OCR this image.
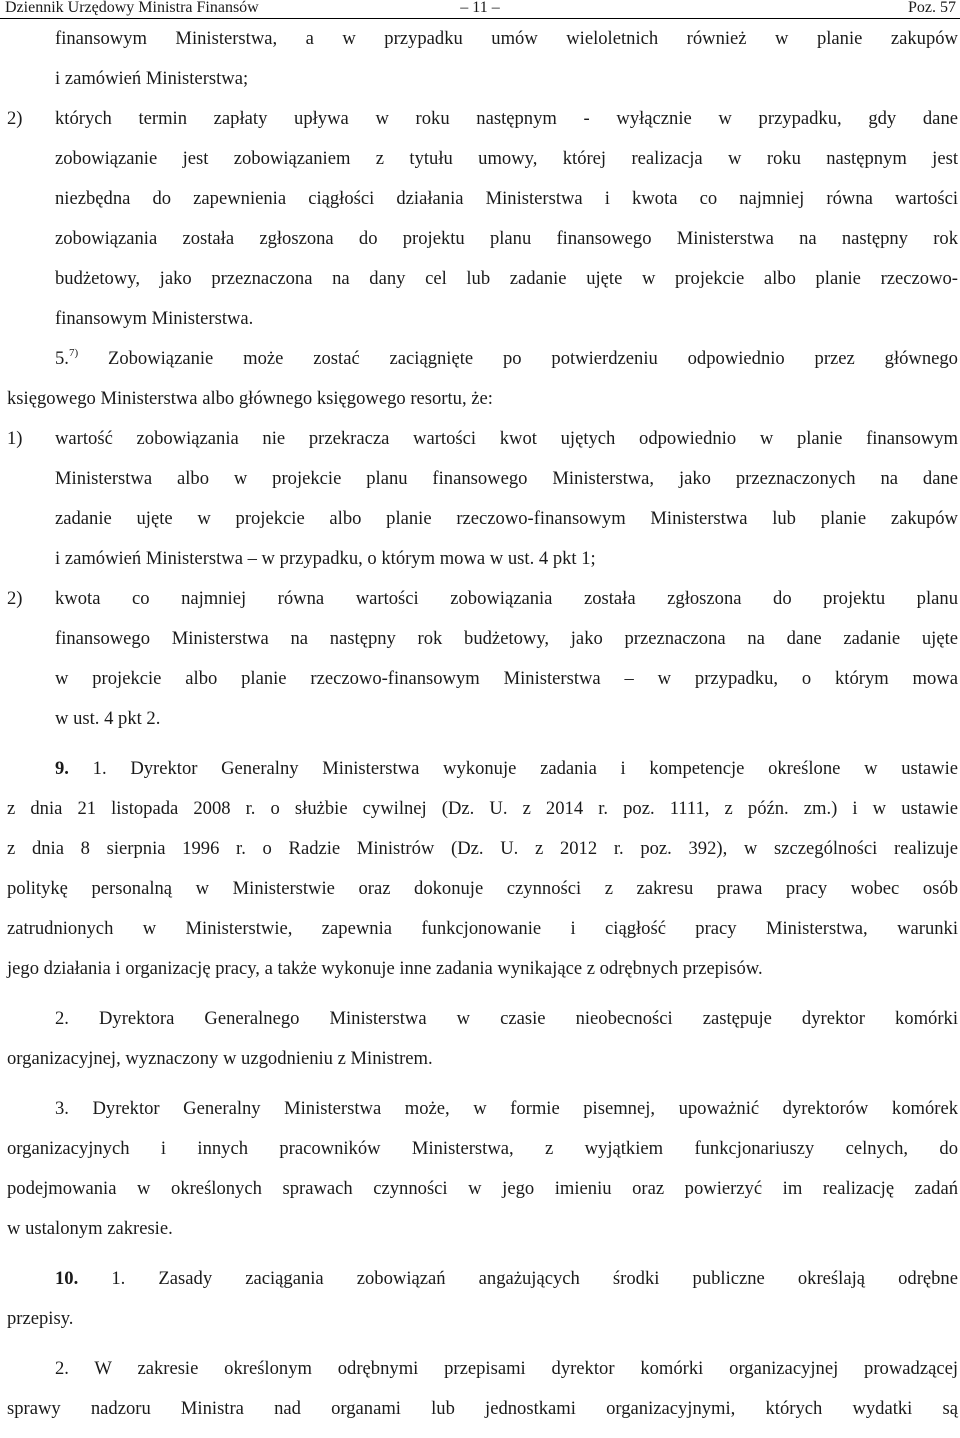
Dziennik Urzędowy Ministra Finansów	– 11 –	Poz. 57
finansowym Ministerstwa, a w przypadku umów wieloletnich również w planie zakupów
i zamówień Ministerstwa;
2)	których termin zapłaty upływa w roku następnym - wyłącznie w przypadku, gdy dane
zobowiązanie jest zobowiązaniem z tytułu umowy, której realizacja w roku następnym jest
niezbędna do zapewnienia ciągłości działania Ministerstwa i kwota co najmniej równa wartości
zobowiązania została zgłoszona do projektu planu finansowego Ministerstwa na następny rok
budżetowy, jako przeznaczona na dany cel lub zadanie ujęte w projekcie albo planie rzeczowo-
finansowym Ministerstwa.
5.$^{7)}$ Zobowiązanie może zostać zaciągnięte po potwierdzeniu odpowiednio przez głównego
księgowego Ministerstwa albo głównego księgowego resortu, że:
1)	wartość zobowiązania nie przekracza wartości kwot ujętych odpowiednio w planie finansowym
Ministerstwa albo w projekcie planu finansowego Ministerstwa, jako przeznaczonych na dane
zadanie ujęte w projekcie albo planie rzeczowo-finansowym Ministerstwa lub planie zakupów
i zamówień Ministerstwa – w przypadku, o którym mowa w ust. 4 pkt 1;
2)	kwota co najmniej równa wartości zobowiązania została zgłoszona do projektu planu
finansowego Ministerstwa na następny rok budżetowy, jako przeznaczona na dane zadanie ujęte
w projekcie albo planie rzeczowo-finansowym Ministerstwa – w przypadku, o którym mowa
w ust. 4 pkt 2.
9. 1. Dyrektor Generalny Ministerstwa wykonuje zadania i kompetencje określone w ustawie
z dnia 21 listopada 2008 r. o służbie cywilnej (Dz. U. z 2014 r. poz. 1111, z późn. zm.) i w ustawie
z dnia 8 sierpnia 1996 r. o Radzie Ministrów (Dz. U. z 2012 r. poz. 392), w szczególności realizuje
politykę personalną w Ministerstwie oraz dokonuje czynności z zakresu prawa pracy wobec osób
zatrudnionych w Ministerstwie, zapewnia funkcjonowanie i ciągłość pracy Ministerstwa, warunki
jego działania i organizację pracy, a także wykonuje inne zadania wynikające z odrębnych przepisów.
2. Dyrektora Generalnego Ministerstwa w czasie nieobecności zastępuje dyrektor komórki
organizacyjnej, wyznaczony w uzgodnieniu z Ministrem.
3. Dyrektor Generalny Ministerstwa może, w formie pisemnej, upoważnić dyrektorów komórek
organizacyjnych i innych pracowników Ministerstwa, z wyjątkiem funkcjonariuszy celnych, do
podejmowania w określonych sprawach czynności w jego imieniu oraz powierzyć im realizację zadań
w ustalonym zakresie.
10. 1. Zasady zaciągania zobowiązań angażujących środki publiczne określają odrębne
przepisy.
2. W zakresie określonym odrębnymi przepisami dyrektor komórki organizacyjnej prowadzącej
sprawy nadzoru Ministra nad organami lub jednostkami organizacyjnymi, których wydatki są
